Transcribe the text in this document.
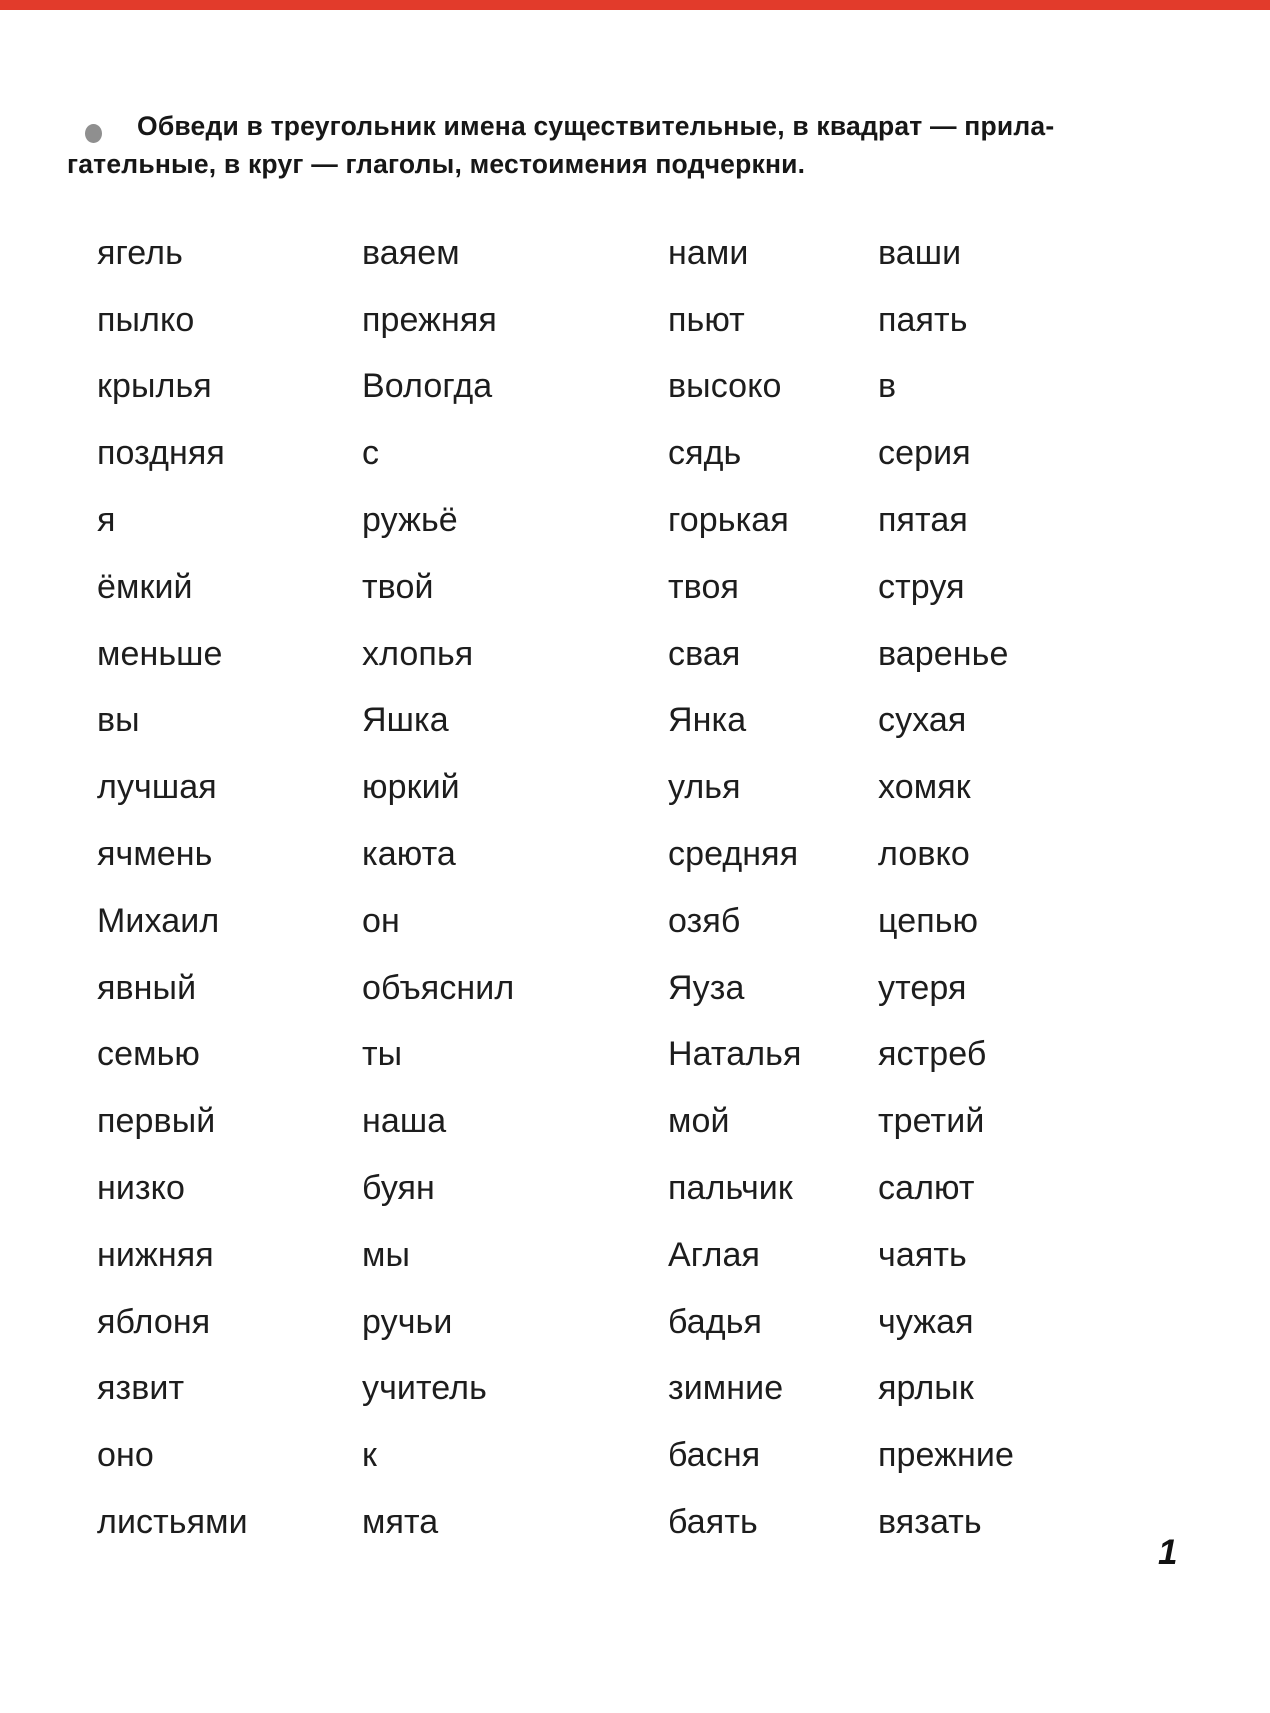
Обведи в треугольник имена существительные, в квадрат — прила-
гательные, в круг — глаголы, местоимения подчеркни.

ягель
пылко
крылья
поздняя
я
ёмкий
меньше
вы
лучшая
ячмень
Михаил
явный
семью
первый
низко
нижняя
яблоня
язвит
оно
листьями
ваяем
прежняя
Вологда
с
ружьё
твой
хлопья
Яшка
юркий
каюта
он
объяснил
ты
наша
буян
мы
ручьи
учитель
к
мята
нами
пьют
высоко
сядь
горькая
твоя
свая
Янка
улья
средняя
озяб
Яуза
Наталья
мой
пальчик
Аглая
бадья
зимние
басня
баять
ваши
паять
в
серия
пятая
струя
варенье
сухая
хомяк
ловко
цепью
утеря
ястреб
третий
салют
чаять
чужая
ярлык
прежние
вязать
1
